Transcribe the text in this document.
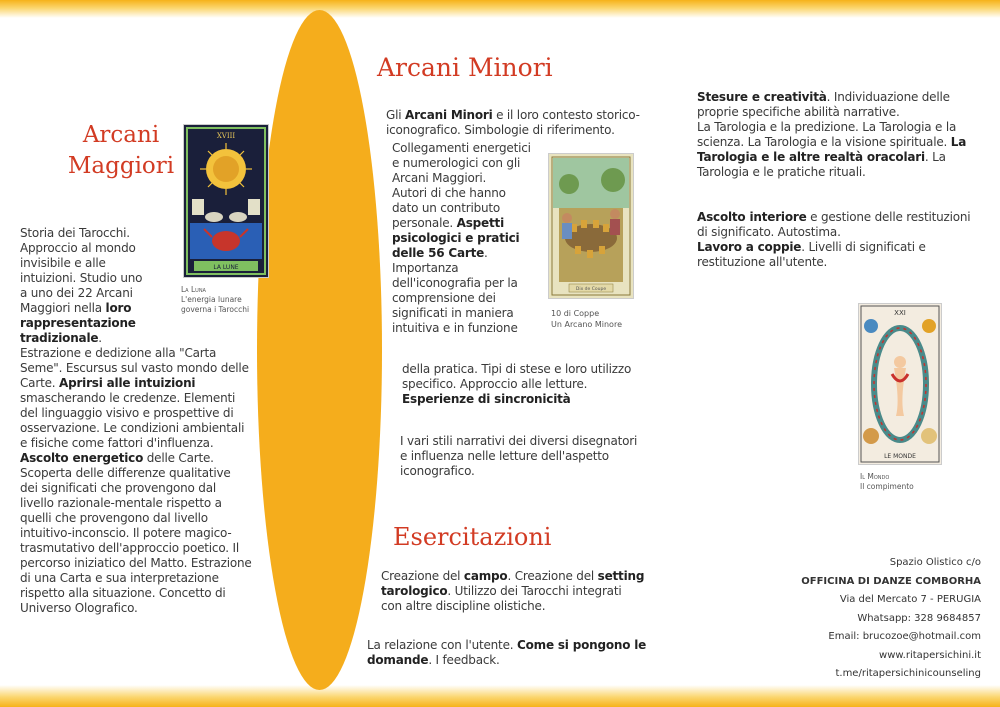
Arcani
Maggiori
XVIII
LA LUNE
La Luna
L'energia lunare
governa i Tarocchi

Storia dei Tarocchi.

Approccio al mondo

invisibile e alle

intuizioni. Studio uno

a uno dei 22 Arcani

Maggiori nella loro

rappresentazione

tradizionale.

Estrazione e dedizione alla "Carta

Seme". Escursus sul vasto mondo delle

Carte. Aprirsi alle intuizioni

smascherando le credenze. Elementi

del linguaggio visivo e prospettive di

osservazione. Le condizioni ambientali

e fisiche come fattori d'influenza.

Ascolto energetico delle Carte.

Scoperta delle differenze qualitative

dei significati che provengono dal

livello razionale-mentale rispetto a

quelli che provengono dal livello

intuitivo-inconscio. Il potere magico-

trasmutativo dell'approccio poetico. Il

percorso iniziatico del Matto. Estrazione

di una Carta e sua interpretazione

rispetto alla situazione. Concetto di

Universo Olografico.

Arcani Minori

Gli Arcani Minori e il loro contesto storico-

iconografico. Simbologie di riferimento.

Collegamenti energetici

e numerologici con gli

Arcani Maggiori.

Autori di che hanno

dato un contributo

personale. Aspetti

psicologici e pratici

delle 56 Carte.

Importanza

dell'iconografia per la

comprensione dei

significati in maniera

intuitiva e in funzione

della pratica. Tipi di stese e loro utilizzo

specifico. Approccio alle letture.

Esperienze di sincronicità

Dix de Coupe
10 di Coppe
Un Arcano Minore

I vari stili narrativi dei diversi disegnatori

e influenza nelle letture dell'aspetto

iconografico.

Esercitazioni

Creazione del campo. Creazione del setting

tarologico. Utilizzo dei Tarocchi integrati

con altre discipline olistiche.

La relazione con l'utente. Come si pongono le

domande. I feedback.

Stesure e creatività. Individuazione delle

proprie specifiche abilità narrative.

La Tarologia e la predizione. La Tarologia e la

scienza. La Tarologia e la visione spirituale. La

Tarologia e le altre realtà oracolari. La

Tarologia e le pratiche rituali.

Ascolto interiore e gestione delle restituzioni

di significato. Autostima.

Lavoro a coppie. Livelli di significati e

restituzione all'utente.

XXI
LE MONDE
Il Mondo
Il compimento
Spazio Olistico c/o
OFFICINA DI DANZE COMBORHA
Via del Mercato 7 - PERUGIA
Whatsapp: 328 9684857
Email: brucozoe@hotmail.com
www.ritapersichini.it
t.me/ritapersichinicounseling
